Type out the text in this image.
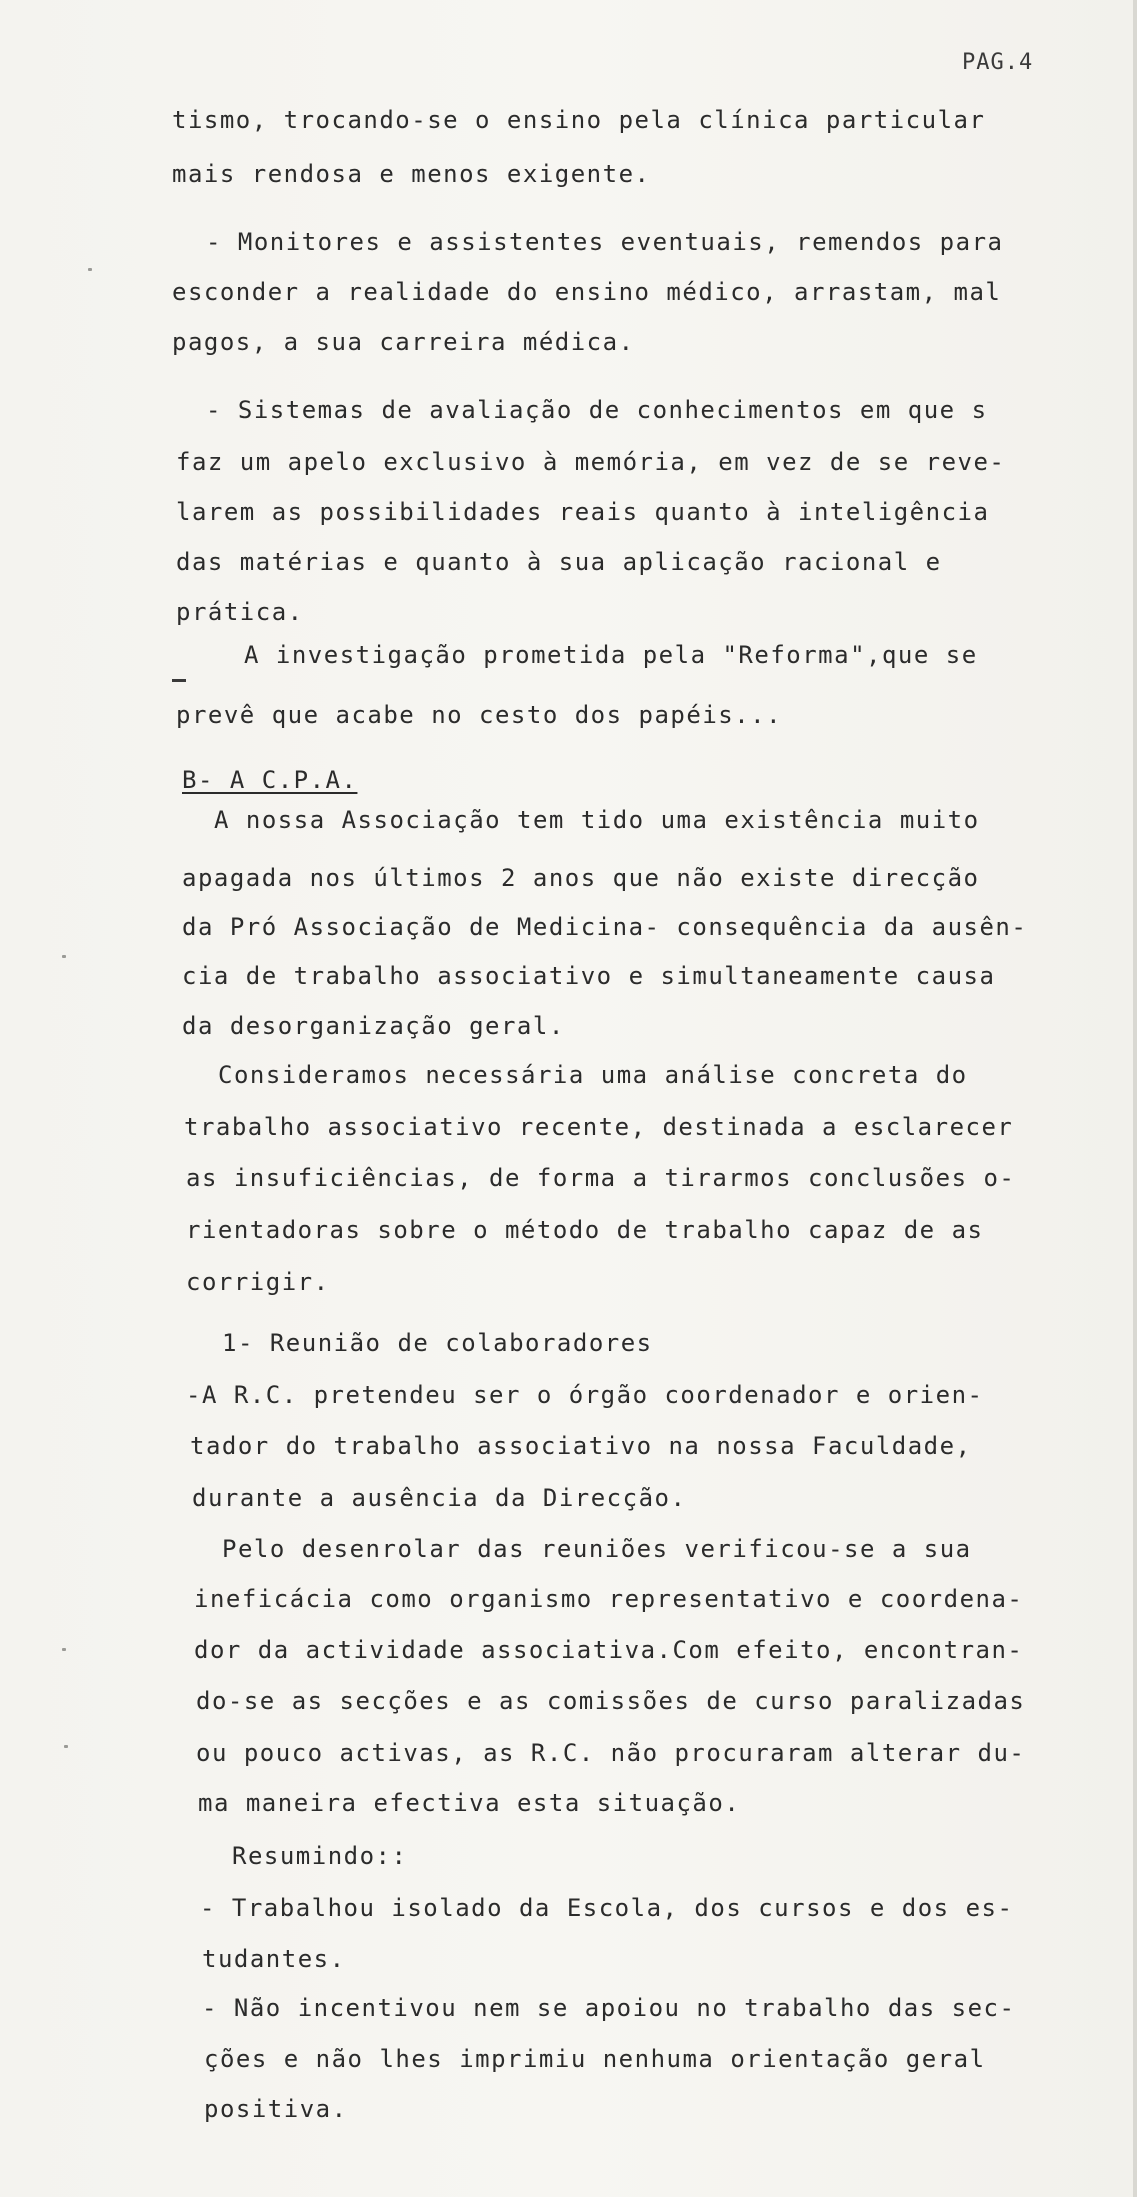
PAG.4
tismo, trocando-se o ensino pela clínica particular
mais rendosa e menos exigente.
- Monitores e assistentes eventuais, remendos para
esconder a realidade do ensino médico, arrastam, mal
pagos, a sua carreira médica.
- Sistemas de avaliação de conhecimentos em que s
faz um apelo exclusivo à memória, em vez de se reve-
larem as possibilidades reais quanto à inteligência
das matérias e quanto à sua aplicação racional e
prática.
A investigação prometida pela "Reforma",que se
prevê que acabe no cesto dos papéis...
B- A C.P.A.
A nossa Associação tem tido uma existência muito
apagada nos últimos 2 anos que não existe direcção
da Pró Associação de Medicina- consequência da ausên-
cia de trabalho associativo e simultaneamente causa
da desorganização geral.
Consideramos necessária uma análise concreta do
trabalho associativo recente, destinada a esclarecer
as insuficiências, de forma a tirarmos conclusões o-
rientadoras sobre o método de trabalho capaz de as
corrigir.
1- Reunião de colaboradores
-A R.C. pretendeu ser o órgão coordenador e orien-
tador do trabalho associativo na nossa Faculdade,
durante a ausência da Direcção.
Pelo desenrolar das reuniões verificou-se a sua
ineficácia como organismo representativo e coordena-
dor da actividade associativa.Com efeito, encontran-
do-se as secções e as comissões de curso paralizadas
ou pouco activas, as R.C. não procuraram alterar du-
ma maneira efectiva esta situação.
Resumindo::
- Trabalhou isolado da Escola, dos cursos e dos es-
tudantes.
- Não incentivou nem se apoiou no trabalho das sec-
ções e não lhes imprimiu nenhuma orientação geral
positiva.
